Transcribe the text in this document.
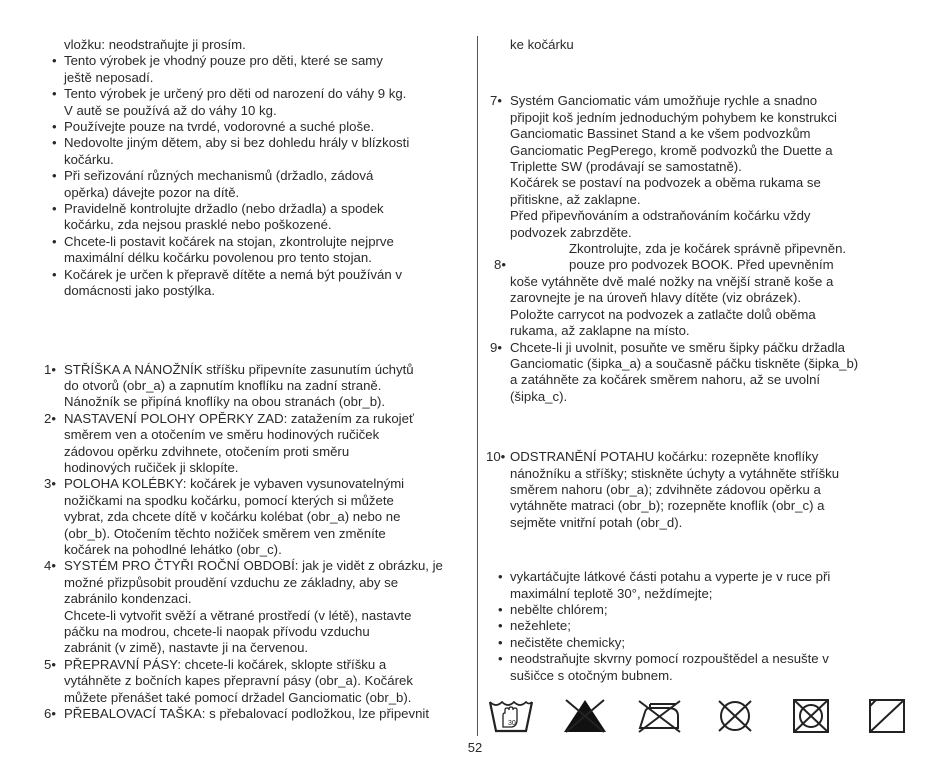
vložku: neodstraňujte ji prosím.
• Tento výrobek je vhodný pouze pro děti, které se samy
ještě neposadí.
• Tento výrobek je určený pro děti od narození do váhy 9 kg.
V autě se používá až do váhy 10 kg.
• Používejte pouze na tvrdé, vodorovné a suché ploše.
• Nedovolte jiným dětem, aby si bez dohledu hrály v blízkosti
kočárku.
• Při seřizování různých mechanismů (držadlo, zádová
opěrka) dávejte pozor na dítě.
• Pravidelně kontrolujte držadlo (nebo držadla) a spodek
kočárku, zda nejsou prasklé nebo poškozené.
• Chcete-li postavit kočárek na stojan, zkontrolujte nejprve
maximální délku kočárku povolenou pro tento stojan.
• Kočárek je určen k přepravě dítěte a nemá být používán v
domácnosti jako postýlka.
1• STŘÍŠKA A NÁNOŽNÍK stříšku připevníte zasunutím úchytů
do otvorů (obr_a) a zapnutím knoflíku na zadní straně.
Nánožník se připíná knoflíky na obou stranách (obr_b).
2• NASTAVENÍ POLOHY OPĚRKY ZAD: zatažením za rukojeť
směrem ven a otočením ve směru hodinových ručiček
zádovou opěrku zdvihnete, otočením proti směru
hodinových ručiček ji sklopíte.
3• POLOHA KOLÉBKY: kočárek je vybaven vysunovatelnými
nožičkami na spodku kočárku, pomocí kterých si můžete
vybrat, zda chcete dítě v kočárku kolébat (obr_a) nebo ne
(obr_b). Otočením těchto nožiček směrem ven změníte
kočárek na pohodlné lehátko (obr_c).
4• SYSTÉM PRO ČTYŘI ROČNÍ OBDOBÍ: jak je vidět z obrázku, je
možné přizpůsobit proudění vzduchu ze základny, aby se
zabránilo kondenzaci.
Chcete-li vytvořit svěží a větrané prostředí (v létě), nastavte
páčku na modrou, chcete-li naopak přívodu vzduchu
zabránit (v zimě), nastavte ji na červenou.
5• PŘEPRAVNÍ PÁSY: chcete-li kočárek, sklopte stříšku a
vytáhněte z bočních kapes přepravní pásy (obr_a). Kočárek
můžete přenášet také pomocí držadel Ganciomatic (obr_b).
6• PŘEBALOVACÍ TAŠKA: s přebalovací podložkou, lze připevnit
ke kočárku
7• Systém Ganciomatic vám umožňuje rychle a snadno
připojit koš jedním jednoduchým pohybem ke konstrukci
Ganciomatic Bassinet Stand a ke všem podvozkům
Ganciomatic PegPerego, kromě podvozků the Duette a
Triplette SW (prodávají se samostatně).
Kočárek se postaví na podvozek a oběma rukama se
přitiskne, až zaklapne.
Před připevňováním a odstraňováním kočárku vždy
podvozek zabrzděte.
Zkontrolujte, zda je kočárek správně připevněn.
8•	pouze pro podvozek BOOK. Před upevněním
koše vytáhněte dvě malé nožky na vnější straně koše a
zarovnejte je na úroveň hlavy dítěte (viz obrázek).
Položte carrycot na podvozek a zatlačte dolů oběma
rukama, až zaklapne na místo.
9• Chcete-li ji uvolnit, posuňte ve směru šipky páčku držadla
Ganciomatic (šipka_a) a současně páčku tiskněte (šipka_b)
a zatáhněte za kočárek směrem nahoru, až se uvolní
(šipka_c).
10• ODSTRANĚNÍ POTAHU kočárku: rozepněte knoflíky
nánožníku a stříšky; stiskněte úchyty a vytáhněte stříšku
směrem nahoru (obr_a); zdvihněte zádovou opěrku a
vytáhněte matraci (obr_b); rozepněte knoflík (obr_c) a
sejměte vnitřní potah (obr_d).
• vykartáčujte látkové části potahu a vyperte je v ruce při
maximální teplotě 30°, neždímejte;
• nebělte chlórem;
• nežehlete;
• nečistěte chemicky;
• neodstraňujte skvrny pomocí rozpouštědel a nesušte v
sušičce s otočným bubnem.
30
52
